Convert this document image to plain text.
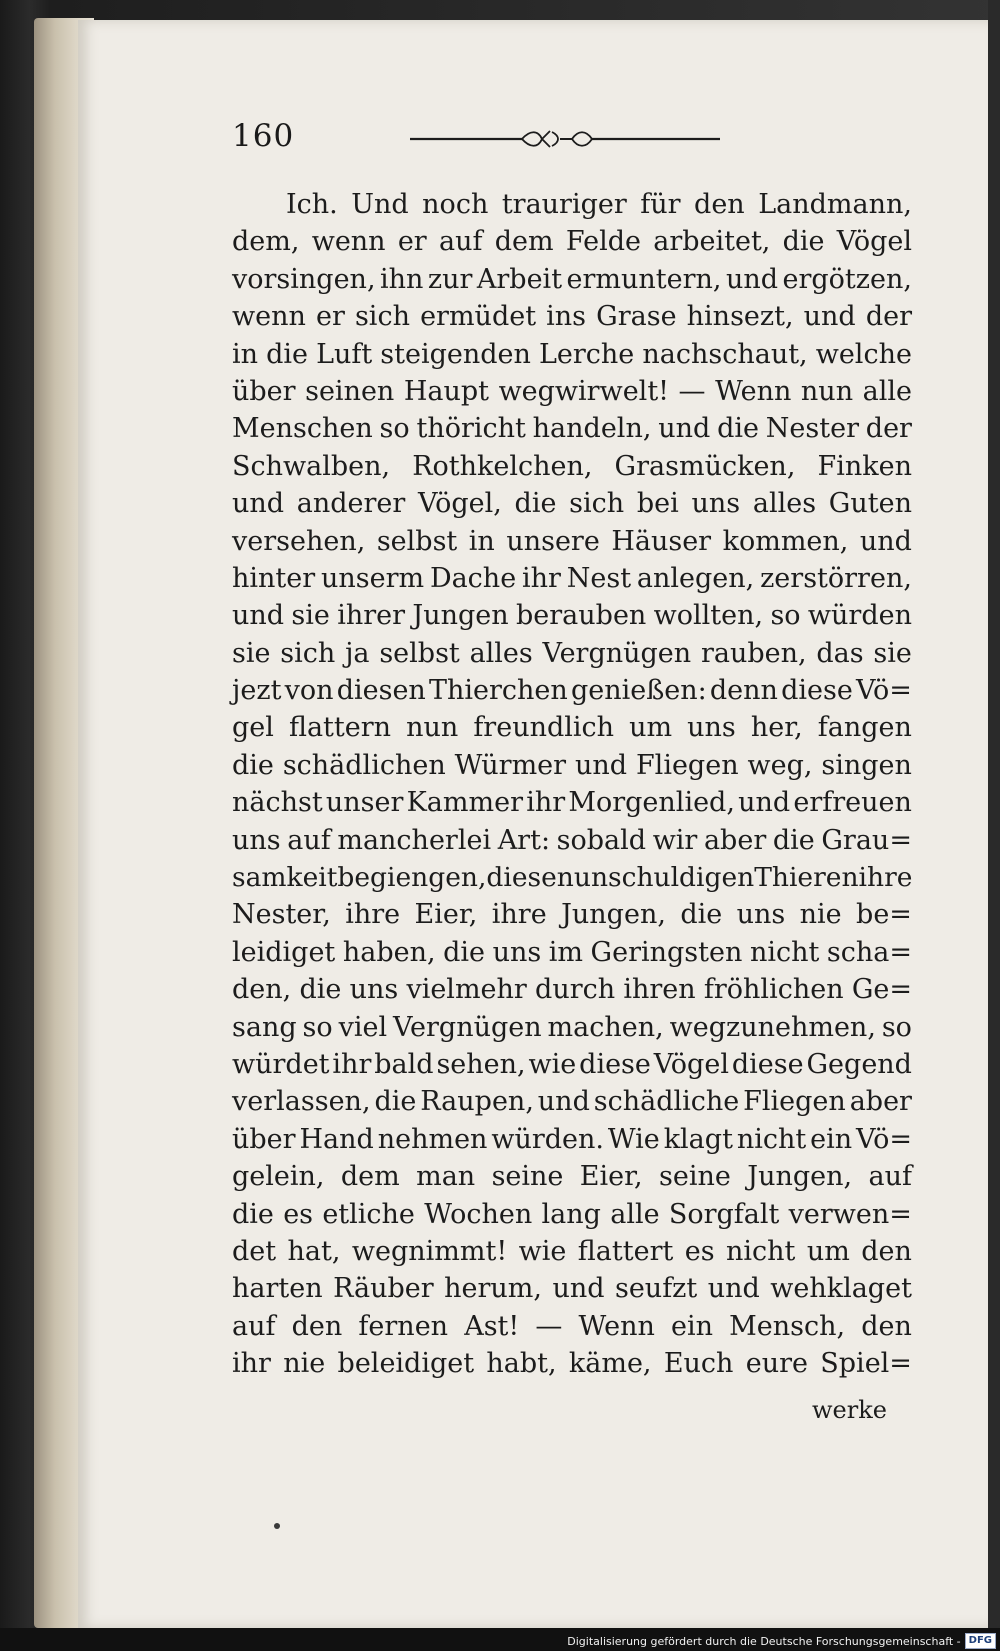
160
Ich. Und noch trauriger für den Landmann,
dem, wenn er auf dem Felde arbeitet, die Vögel
vorsingen, ihn zur Arbeit ermuntern, und ergötzen,
wenn er sich ermüdet ins Grase hinsezt, und der
in die Luft steigenden Lerche nachschaut, welche
über seinen Haupt wegwirwelt! — Wenn nun alle
Menschen so thöricht handeln, und die Nester der
Schwalben, Rothkelchen, Grasmücken, Finken
und anderer Vögel, die sich bei uns alles Guten
versehen, selbst in unsere Häuser kommen, und
hinter unserm Dache ihr Nest anlegen, zerstörren,
und sie ihrer Jungen berauben wollten, so würden
sie sich ja selbst alles Vergnügen rauben, das sie
jezt von diesen Thierchen genießen: denn diese Vö=
gel flattern nun freundlich um uns her, fangen
die schädlichen Würmer und Fliegen weg, singen
nächst unser Kammer ihr Morgenlied, und erfreuen
uns auf mancherlei Art: sobald wir aber die Grau=
samkeit begiengen, diesen unschuldigen Thieren ihre
Nester, ihre Eier, ihre Jungen, die uns nie be=
leidiget haben, die uns im Geringsten nicht scha=
den, die uns vielmehr durch ihren fröhlichen Ge=
sang so viel Vergnügen machen, wegzunehmen, so
würdet ihr bald sehen, wie diese Vögel diese Gegend
verlassen, die Raupen, und schädliche Fliegen aber
über Hand nehmen würden. Wie klagt nicht ein Vö=
gelein, dem man seine Eier, seine Jungen, auf
die es etliche Wochen lang alle Sorgfalt verwen=
det hat, wegnimmt! wie flattert es nicht um den
harten Räuber herum, und seufzt und wehklaget
auf den fernen Ast! — Wenn ein Mensch, den
ihr nie beleidiget habt, käme, Euch eure Spiel=
werke
Digitalisierung gefördert durch die Deutsche Forschungsgemeinschaft - DFG
